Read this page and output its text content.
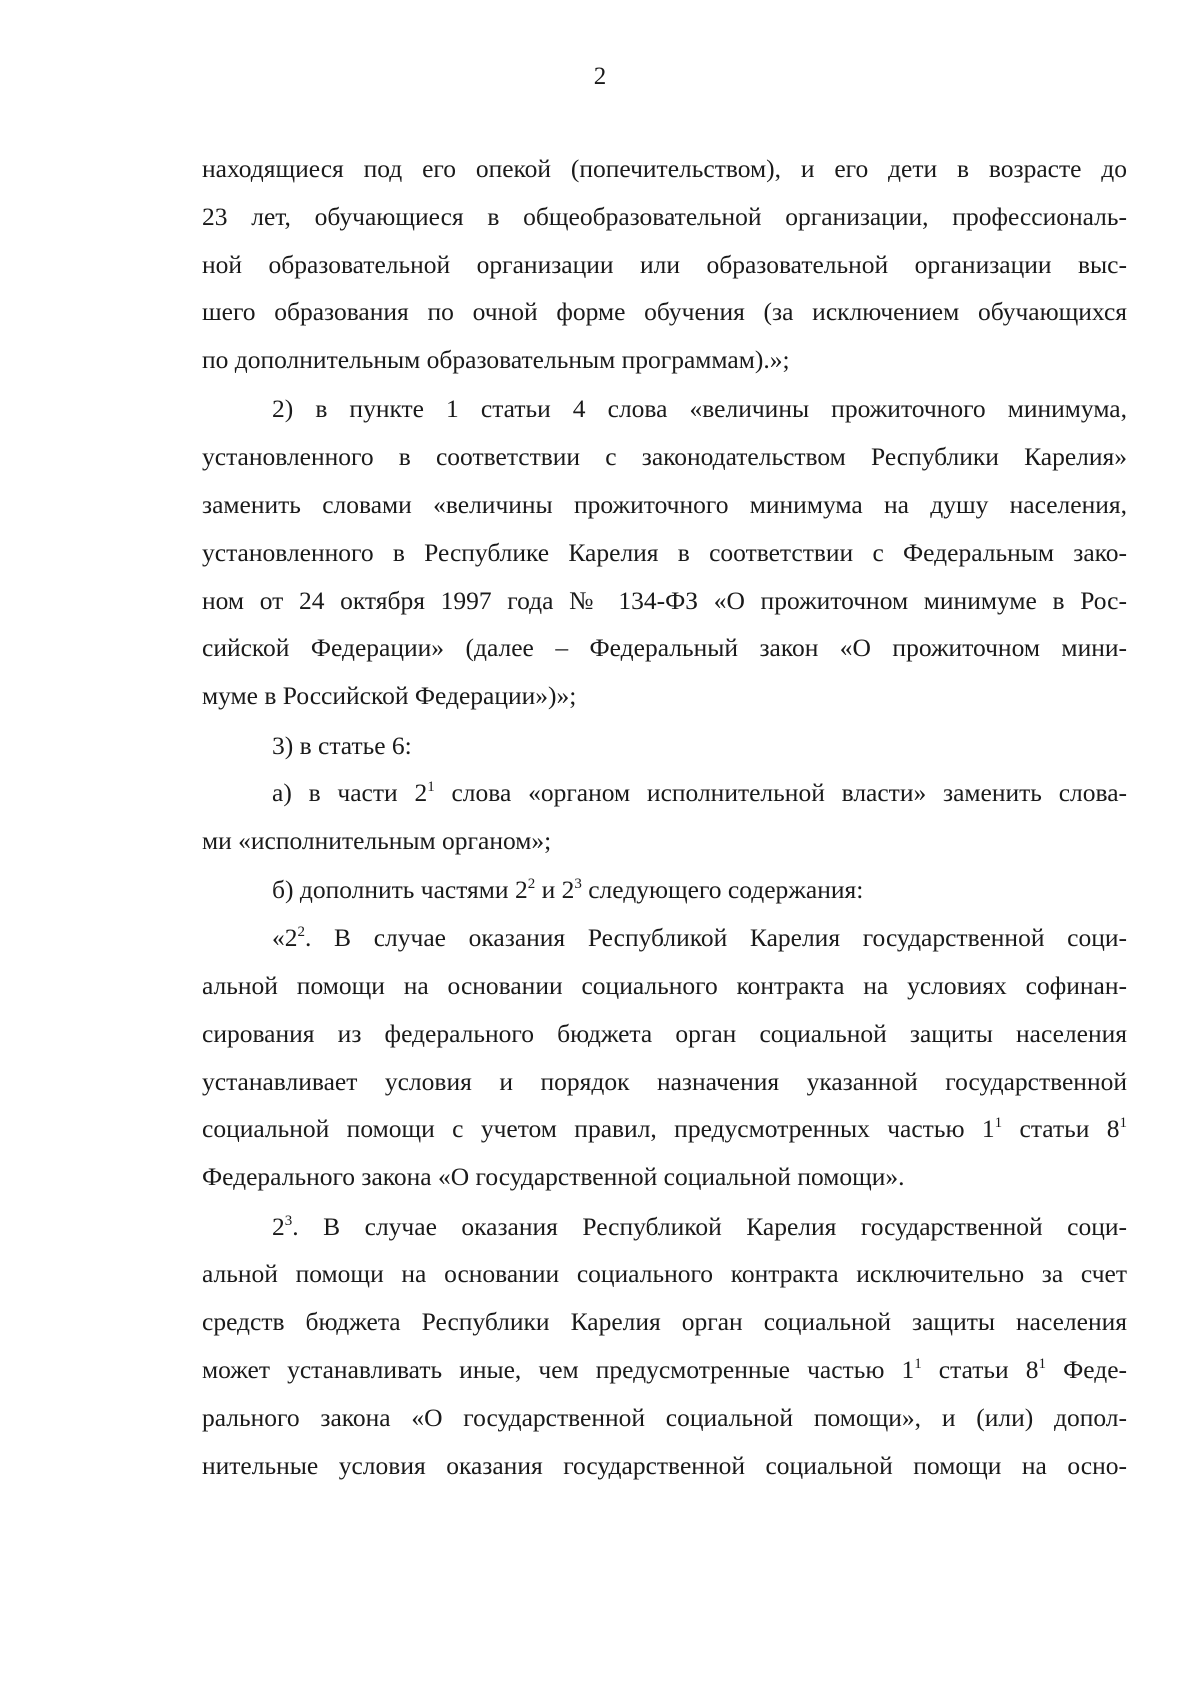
2
находящиеся под его опекой (попечительством), и его дети в возрасте до
23 лет, обучающиеся в общеобразовательной организации, профессиональ-
ной образовательной организации или образовательной организации выс-
шего образования по очной форме обучения (за исключением обучающихся
по дополнительным образовательным программам).»;
2) в пункте 1 статьи 4 слова «величины прожиточного минимума,
установленного в соответствии с законодательством Республики Карелия»
заменить словами «величины прожиточного минимума на душу населения,
установленного в Республике Карелия в соответствии с Федеральным зако-
ном от 24 октября 1997 года № 134-ФЗ «О прожиточном минимуме в Рос-
сийской Федерации» (далее – Федеральный закон «О прожиточном мини-
муме в Российской Федерации»)»;
3) в статье 6:
а) в части $2^1$ слова «органом исполнительной власти» заменить слова-
ми «исполнительным органом»;
б) дополнить частями $2^2$ и $2^3$ следующего содержания:
«$2^2$. В случае оказания Республикой Карелия государственной соци-
альной помощи на основании социального контракта на условиях софинан-
сирования из федерального бюджета орган социальной защиты населения
устанавливает условия и порядок назначения указанной государственной
социальной помощи с учетом правил, предусмотренных частью $1^1$ статьи $8^1$
Федерального закона «О государственной социальной помощи».
$2^3$. В случае оказания Республикой Карелия государственной соци-
альной помощи на основании социального контракта исключительно за счет
средств бюджета Республики Карелия орган социальной защиты населения
может устанавливать иные, чем предусмотренные частью $1^1$ статьи $8^1$ Феде-
рального закона «О государственной социальной помощи», и (или) допол-
нительные условия оказания государственной социальной помощи на осно-
